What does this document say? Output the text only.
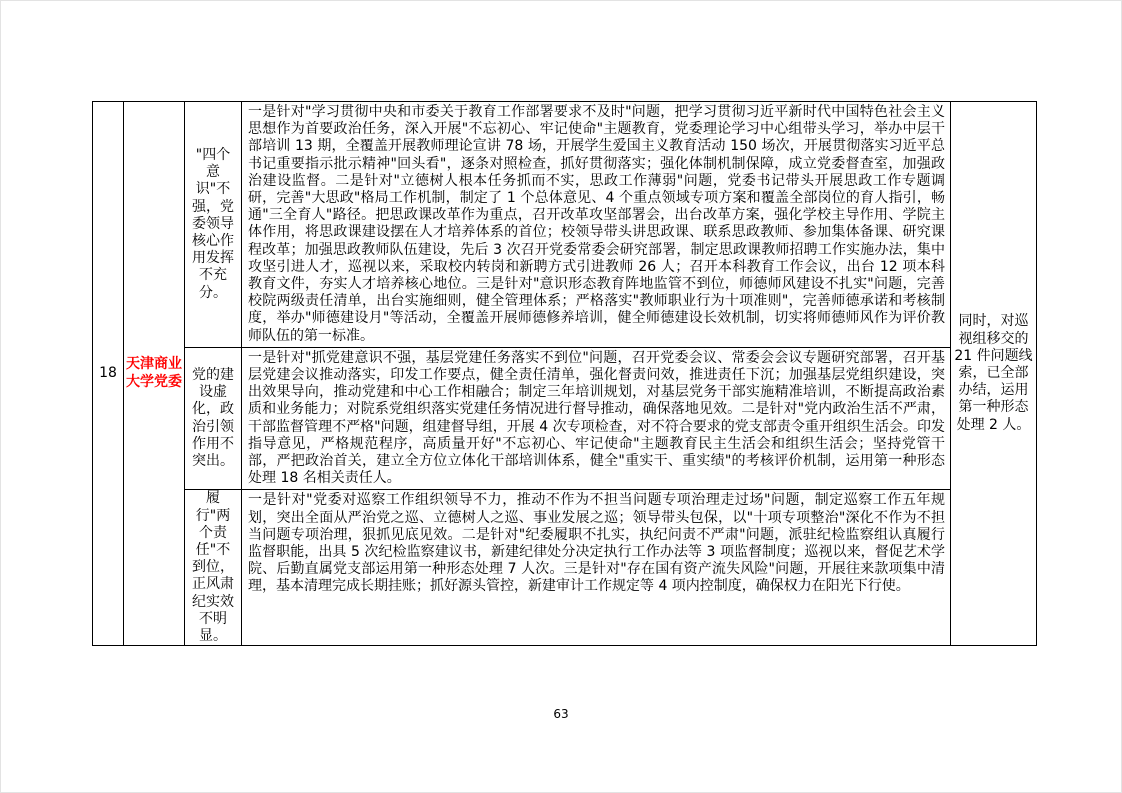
18	天津商业大学党委	"四个意识"不强，党委领导核心作用发挥不充分。	一是针对"学习贯彻中央和市委关于教育工作部署要求不及时"问题，把学习贯彻习近平新时代中国特色社会主义思想作为首要政治任务，深入开展"不忘初心、牢记使命"主题教育，党委理论学习中心组带头学习，举办中层干部培训 13 期，全覆盖开展教师理论宣讲 78 场，开展学生爱国主义教育活动 150 场次，开展贯彻落实习近平总书记重要指示批示精神"回头看"，逐条对照检查，抓好贯彻落实；强化体制机制保障，成立党委督查室，加强政治建设监督。二是针对"立德树人根本任务抓而不实，思政工作薄弱"问题，党委书记带头开展思政工作专题调研，完善"大思政"格局工作机制，制定了 1 个总体意见、4 个重点领域专项方案和覆盖全部岗位的育人指引，畅通"三全育人"路径。把思政课改革作为重点，召开改革攻坚部署会，出台改革方案，强化学校主导作用、学院主体作用，将思政课建设摆在人才培养体系的首位；校领导带头讲思政课、联系思政教师、参加集体备课、研究课程改革；加强思政教师队伍建设，先后 3 次召开党委常委会研究部署，制定思政课教师招聘工作实施办法，集中攻坚引进人才，巡视以来，采取校内转岗和新聘方式引进教师 26 人；召开本科教育工作会议，出台 12 项本科教育文件，夯实人才培养核心地位。三是针对"意识形态教育阵地监管不到位，师德师风建设不扎实"问题，完善校院两级责任清单，出台实施细则，健全管理体系；严格落实"教师职业行为十项准则"，完善师德承诺和考核制度，举办"师德建设月"等活动，全覆盖开展师德修养培训，健全师德建设长效机制，切实将师德师风作为评价教师队伍的第一标准。	同时，对巡视组移交的 21 件问题线索，已全部办结，运用第一种形态处理 2 人。
		党的建设虚化，政治引领作用不突出。	一是针对"抓党建意识不强，基层党建任务落实不到位"问题，召开党委会议、常委会会议专题研究部署，召开基层党建会议推动落实，印发工作要点，健全责任清单，强化督责问效，推进责任下沉；加强基层党组织建设，突出效果导向，推动党建和中心工作相融合；制定三年培训规划，对基层党务干部实施精准培训，不断提高政治素质和业务能力；对院系党组织落实党建任务情况进行督导推动，确保落地见效。二是针对"党内政治生活不严肃，干部监督管理不严格"问题，组建督导组，开展 4 次专项检查，对不符合要求的党支部责令重开组织生活会。印发指导意见，严格规范程序，高质量开好"不忘初心、牢记使命"主题教育民主生活会和组织生活会；坚持党管干部，严把政治首关，建立全方位立体化干部培训体系，健全"重实干、重实绩"的考核评价机制，运用第一种形态处理 18 名相关责任人。	
		履行"两个责任"不到位，正风肃纪实效不明显。	一是针对"党委对巡察工作组织领导不力，推动不作为不担当问题专项治理走过场"问题，制定巡察工作五年规划，突出全面从严治党之巡、立德树人之巡、事业发展之巡；领导带头包保，以"十项专项整治"深化不作为不担当问题专项治理，狠抓见底见效。二是针对"纪委履职不扎实，执纪问责不严肃"问题，派驻纪检监察组认真履行监督职能，出具 5 次纪检监察建议书，新建纪律处分决定执行工作办法等 3 项监督制度；巡视以来，督促艺术学院、后勤直属党支部运用第一种形态处理 7 人次。三是针对"存在国有资产流失风险"问题，开展往来款项集中清理，基本清理完成长期挂账；抓好源头管控，新建审计工作规定等 4 项内控制度，确保权力在阳光下行使。	
63
